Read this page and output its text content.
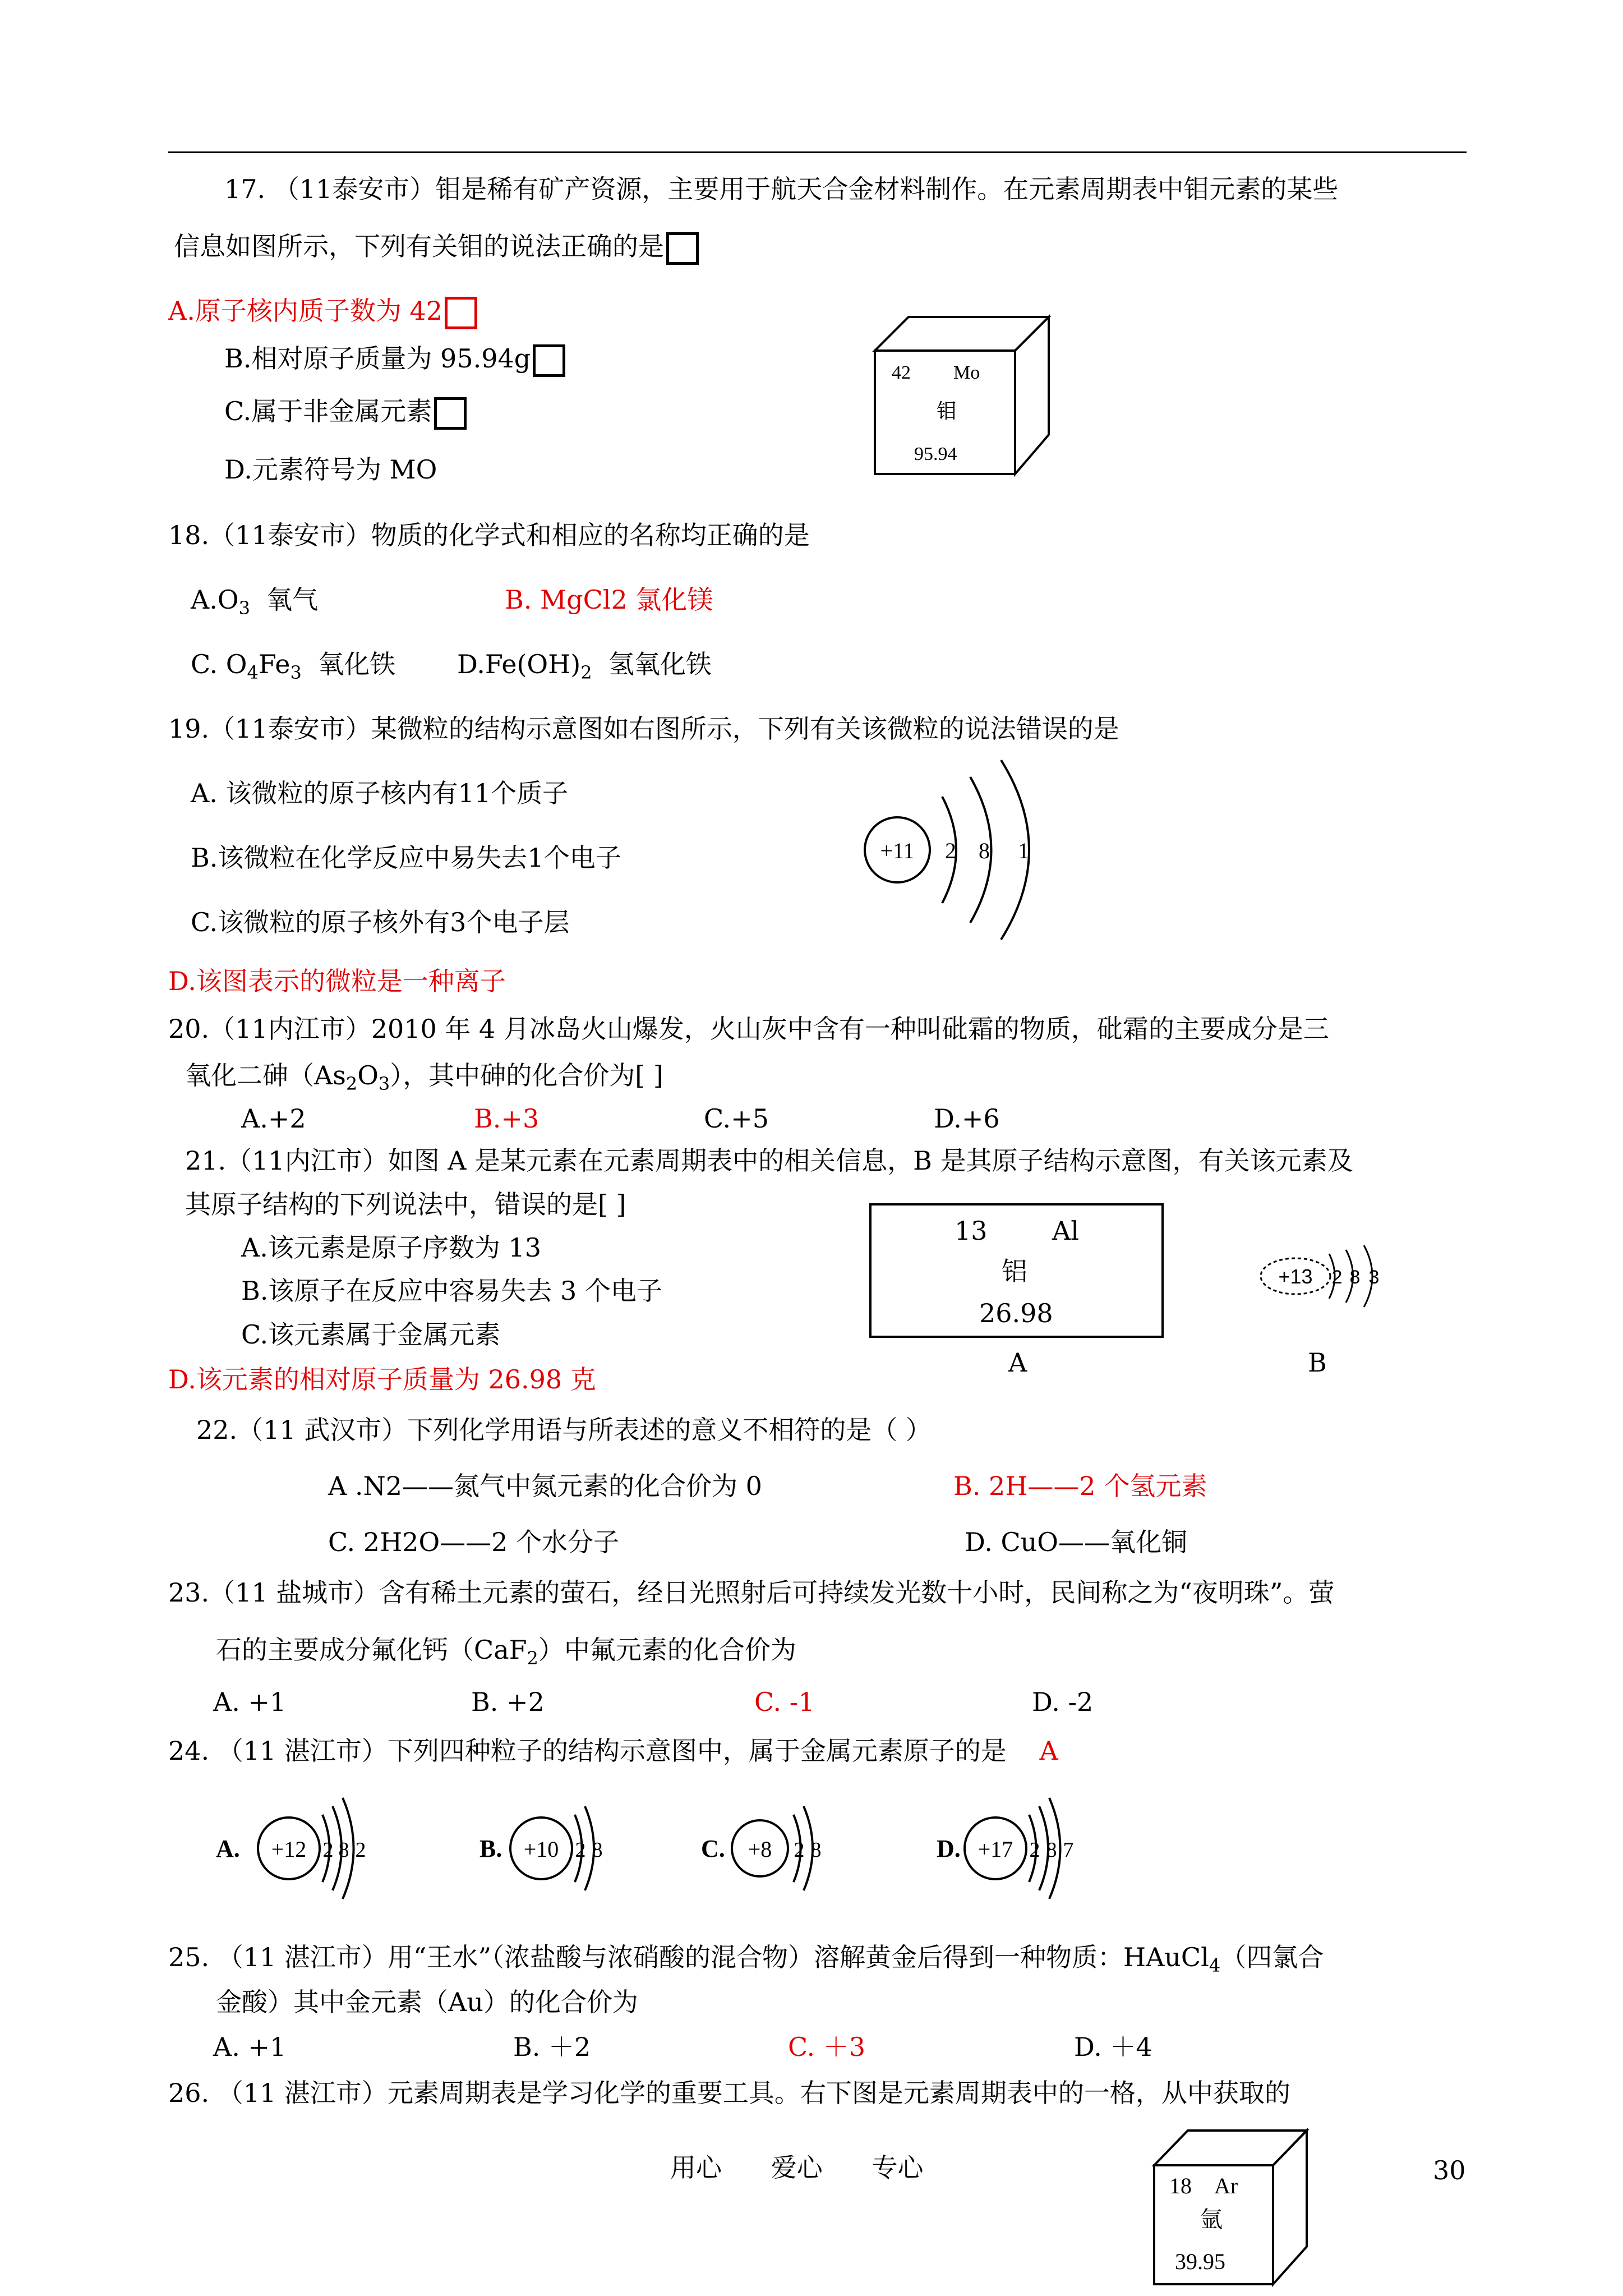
17. （11泰安市）钼是稀有矿产资源，主要用于航天合金材料制作。在元素周期表中钼元素的某些
信息如图所示，下列有关钼的说法正确的是
A.原子核内质子数为 42
B.相对原子质量为 95.94g
C.属于非金属元素
D.元素符号为 MO
42 Mo
钼
95.94
18.（11泰安市）物质的化学式和相应的名称均正确的是
$A.O_3$ 氧气	B. MgCl2 氯化镁
C. $O_4Fe_3$ 氧化铁 $D.Fe(OH)_2$ 氢氧化铁
19.（11泰安市）某微粒的结构示意图如右图所示，下列有关该微粒的说法错误的是
A. 该微粒的原子核内有11个质子
B.该微粒在化学反应中易失去1个电子
C.该微粒的原子核外有3个电子层
D.该图表示的微粒是一种离子
+11 2 8 1
20.（11内江市）2010 年 4 月冰岛火山爆发，火山灰中含有一种叫砒霜的物质，砒霜的主要成分是三
氧化二砷$(As_2O_3)$，其中砷的化合价为[ ]
A.+2	B.+3	C.+5	D.+6
21.（11内江市）如图 A 是某元素在元素周期表中的相关信息，B 是其原子结构示意图，有关该元素及
其原子结构的下列说法中，错误的是[ ]
A.该元素是原子序数为 13
B.该原子在反应中容易失去 3 个电子
C.该元素属于金属元素
D.该元素的相对原子质量为 26.98 克
13	Al
铝
26.98
A	B
+13 2 8 3
22.（11 武汉市）下列化学用语与所表述的意义不相符的是（ ）
A .N2——氮气中氮元素的化合价为 0	B. 2H——2 个氢元素
C. 2H2O——2 个水分子	D. CuO——氧化铜
23.（11 盐城市）含有稀土元素的萤石，经日光照射后可持续发光数十小时，民间称之为“夜明珠”。萤
石的主要成分氟化钙（CaF$_2$）中氟元素的化合价为
A. +1	B. +2	C. -1	D. -2
24. （11 湛江市）下列四种粒子的结构示意图中，属于金属元素原子的是 A
A. +12 2 8 2	B. +10 2 8	C. +8 2 8	D. +17 2 8 7
25. （11 湛江市）用“王水”（浓盐酸与浓硝酸的混合物）溶解黄金后得到一种物质：HAuCl$_4$（四氯合
金酸）其中金元素（Au）的化合价为
A. +1	B. ＋2	C. ＋3	D. ＋4
26. （11 湛江市）元素周期表是学习化学的重要工具。右下图是元素周期表中的一格，从中获取的
18 Ar
氩
39.95
用心      爱心      专心	30
